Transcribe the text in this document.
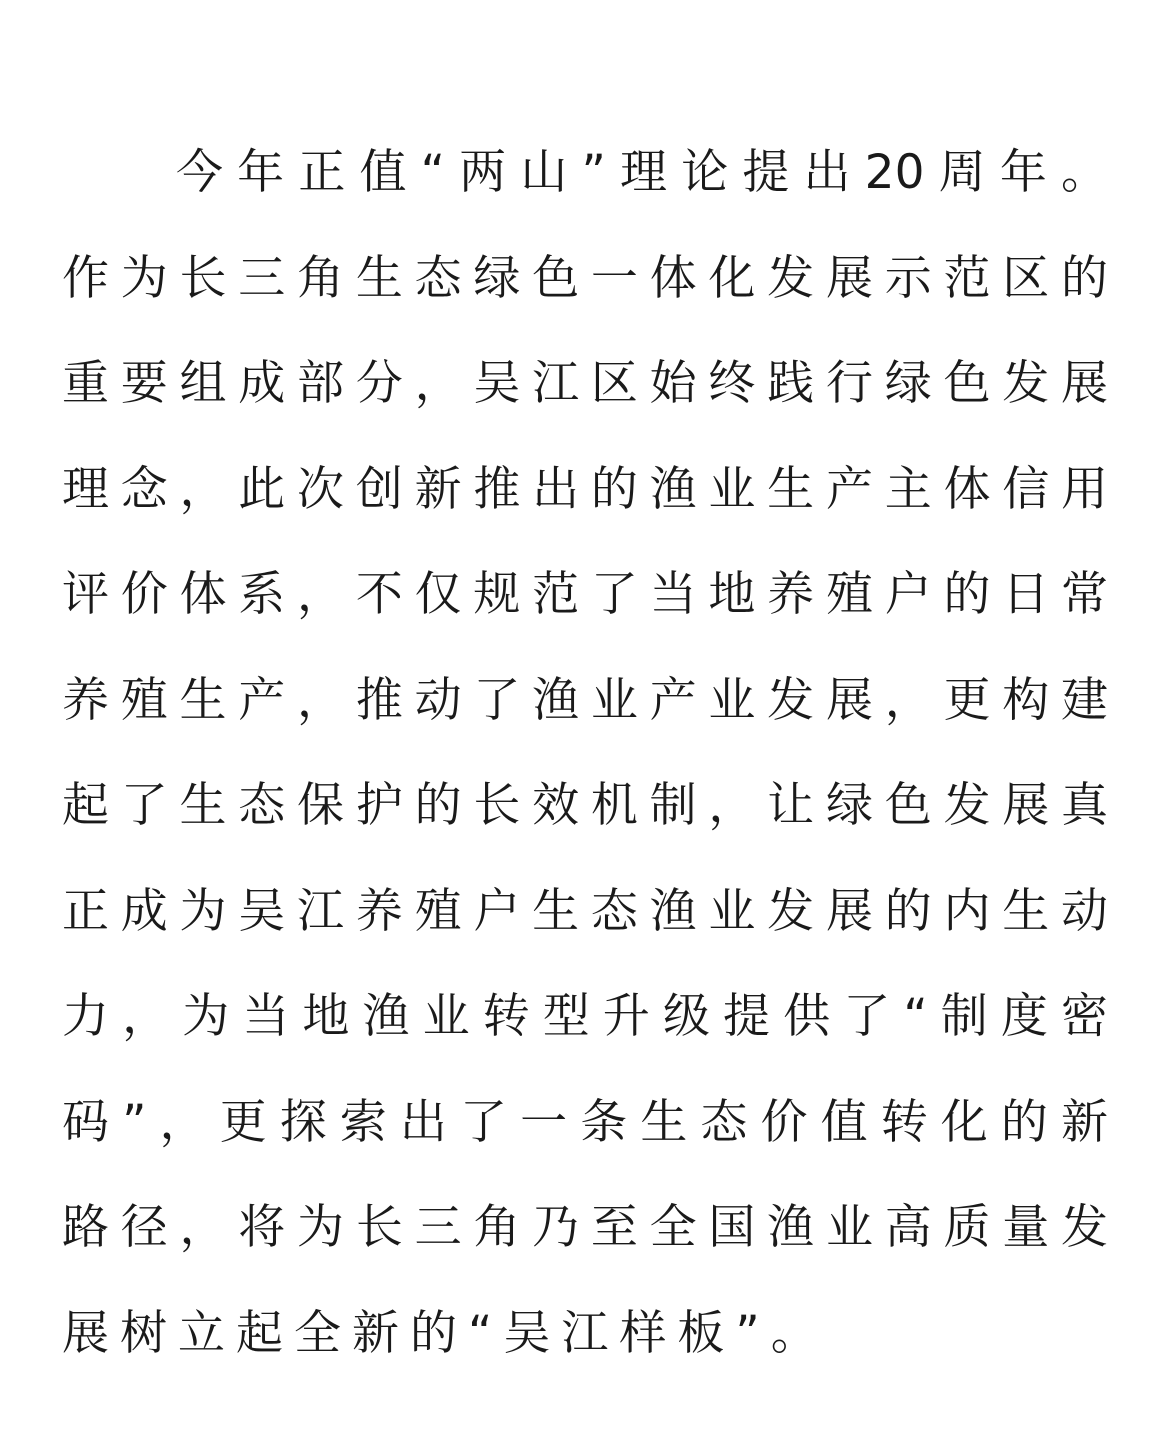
今年正值“两山”理论提出20周年。
作为长三角生态绿色一体化发展示范区的
重要组成部分，吴江区始终践行绿色发展
理念，此次创新推出的渔业生产主体信用
评价体系，不仅规范了当地养殖户的日常
养殖生产，推动了渔业产业发展，更构建
起了生态保护的长效机制，让绿色发展真
正成为吴江养殖户生态渔业发展的内生动
力，为当地渔业转型升级提供了“制度密
码”，更探索出了一条生态价值转化的新
路径，将为长三角乃至全国渔业高质量发
展树立起全新的“吴江样板”。
